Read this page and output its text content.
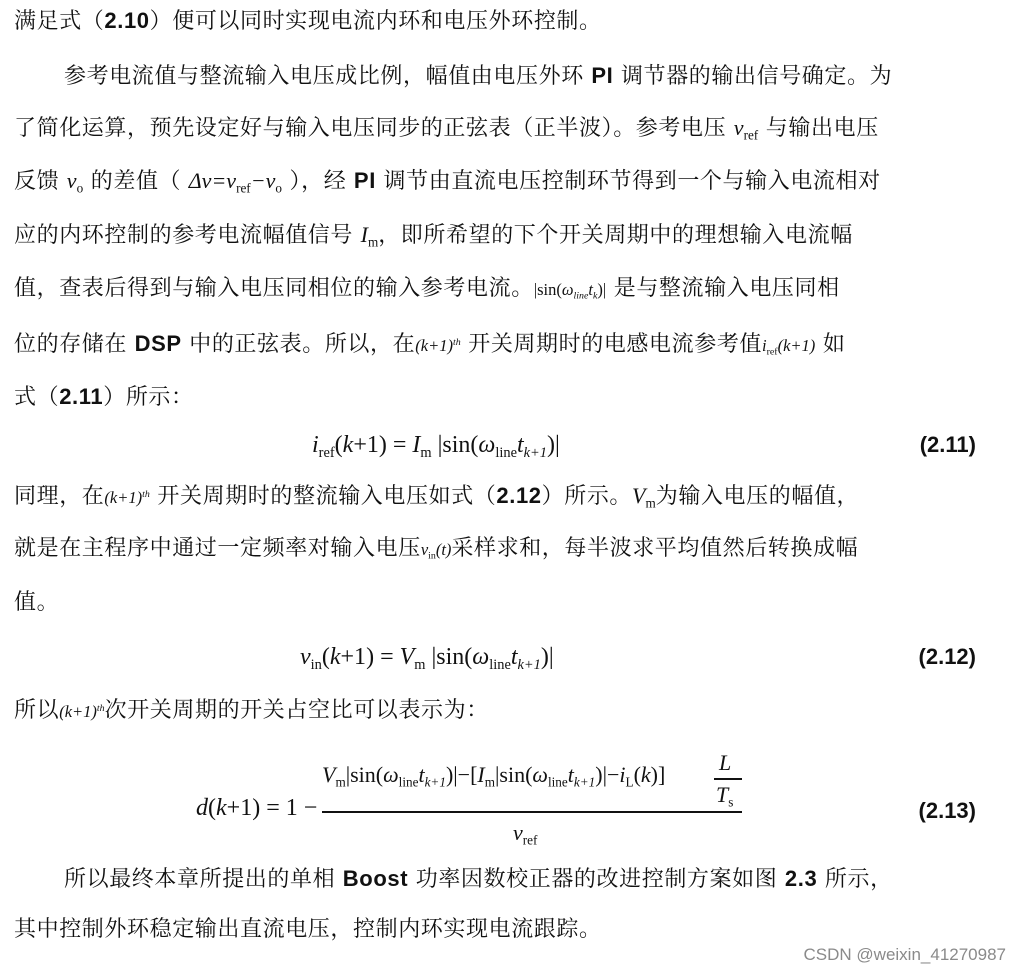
满足式（2.10）便可以同时实现电流内环和电压外环控制。
参考电流值与整流输入电压成比例，幅值由电压外环 PI 调节器的输出信号确定。为
了简化运算，预先设定好与输入电压同步的正弦表（正半波）。参考电压 $v_{ref}$ 与输出电压
反馈 $v_o$ 的差值（ $\Delta v=v_{ref}-v_o$ ），经 PI 调节由直流电压控制环节得到一个与输入电流相对
应的内环控制的参考电流幅值信号 $I_m$，即所希望的下个开关周期中的理想输入电流幅
值，查表后得到与输入电压同相位的输入参考电流。$|\sin(\omega_{line}t_k)|$ 是与整流输入电压同相
位的存储在 DSP 中的正弦表。所以，在$(k+1)^{th}$ 开关周期时的电感电流参考值$i_{ref}(k+1)$ 如
式（2.11）所示：
$i_{ref}(k+1) = I_m$ $|\sin(\omega_{line}t_{k+1})|$	(2.11)
同理，在$(k+1)^{th}$ 开关周期时的整流输入电压如式（2.12）所示。$V_m$为输入电压的幅值，
就是在主程序中通过一定频率对输入电压$v_{in}(t)$采样求和，每半波求平均值然后转换成幅
值。
$v_{in}(k+1) = V_m$ $|\sin(\omega_{line}t_{k+1})|$	(2.12)
所以$(k+1)^{th}$次开关周期的开关占空比可以表示为：
d(k+1) = 1 −
$V_m|\sin(\omega_{line}t_{k+1})|-[I_m|\sin(\omega_{line}t_{k+1})|-i_L(k)]$ L
$T_s$
$v_{ref}$
(2.13)
所以最终本章所提出的单相 Boost 功率因数校正器的改进控制方案如图 2.3 所示，
其中控制外环稳定输出直流电压，控制内环实现电流跟踪。
CSDN @weixin_41270987
